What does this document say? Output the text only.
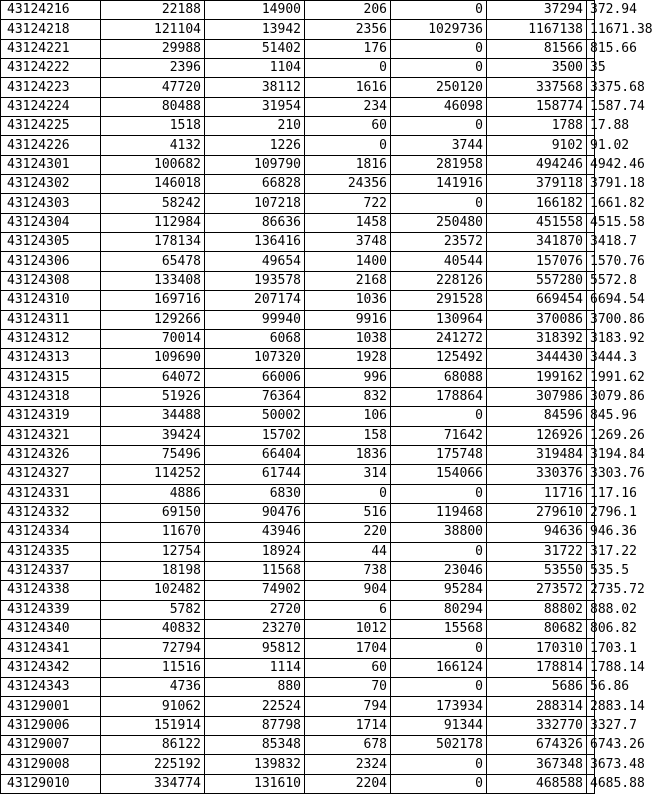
43124216	22188	14900	206	0	37294	372.94
43124218	121104	13942	2356	1029736	1167138	11671.38
43124221	29988	51402	176	0	81566	815.66
43124222	2396	1104	0	0	3500	35
43124223	47720	38112	1616	250120	337568	3375.68
43124224	80488	31954	234	46098	158774	1587.74
43124225	1518	210	60	0	1788	17.88
43124226	4132	1226	0	3744	9102	91.02
43124301	100682	109790	1816	281958	494246	4942.46
43124302	146018	66828	24356	141916	379118	3791.18
43124303	58242	107218	722	0	166182	1661.82
43124304	112984	86636	1458	250480	451558	4515.58
43124305	178134	136416	3748	23572	341870	3418.7
43124306	65478	49654	1400	40544	157076	1570.76
43124308	133408	193578	2168	228126	557280	5572.8
43124310	169716	207174	1036	291528	669454	6694.54
43124311	129266	99940	9916	130964	370086	3700.86
43124312	70014	6068	1038	241272	318392	3183.92
43124313	109690	107320	1928	125492	344430	3444.3
43124315	64072	66006	996	68088	199162	1991.62
43124318	51926	76364	832	178864	307986	3079.86
43124319	34488	50002	106	0	84596	845.96
43124321	39424	15702	158	71642	126926	1269.26
43124326	75496	66404	1836	175748	319484	3194.84
43124327	114252	61744	314	154066	330376	3303.76
43124331	4886	6830	0	0	11716	117.16
43124332	69150	90476	516	119468	279610	2796.1
43124334	11670	43946	220	38800	94636	946.36
43124335	12754	18924	44	0	31722	317.22
43124337	18198	11568	738	23046	53550	535.5
43124338	102482	74902	904	95284	273572	2735.72
43124339	5782	2720	6	80294	88802	888.02
43124340	40832	23270	1012	15568	80682	806.82
43124341	72794	95812	1704	0	170310	1703.1
43124342	11516	1114	60	166124	178814	1788.14
43124343	4736	880	70	0	5686	56.86
43129001	91062	22524	794	173934	288314	2883.14
43129006	151914	87798	1714	91344	332770	3327.7
43129007	86122	85348	678	502178	674326	6743.26
43129008	225192	139832	2324	0	367348	3673.48
43129010	334774	131610	2204	0	468588	4685.88
